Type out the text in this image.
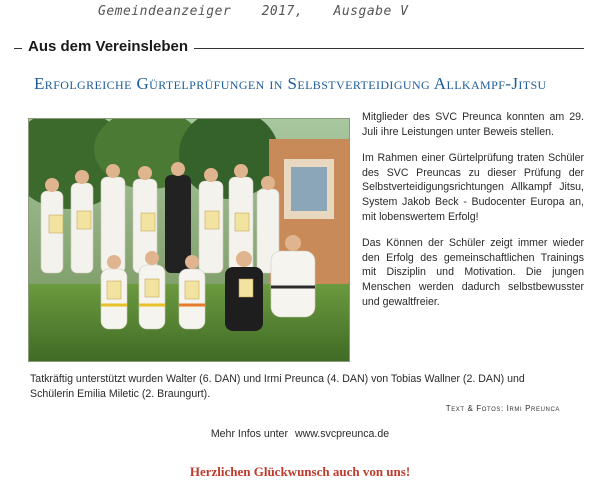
Gemeindeanzeiger 2017, Ausgabe V
Aus dem Vereinsleben
Erfolgreiche Gürtelprüfungen in Selbstverteidigung Allkampf-Jitsu

Mitglieder des SVC Preunca konnten am 29. Juli ihre Leistungen unter Beweis stellen.

Im Rahmen einer Gürtelprüfung traten Schüler des SVC Preuncas zu dieser Prüfung der Selbstverteidigungsrichtungen Allkampf Jitsu, System Jakob Beck - Budocenter Europa an, mit lobenswertem Erfolg!

Das Können der Schüler zeigt immer wieder den Erfolg des gemeinschaftlichen Trainings mit Disziplin und Motivation. Die jungen Menschen werden dadurch selbstbewusster und gewaltfreier.

Tatkräftig unterstützt wurden Walter (6. DAN) und Irmi Preunca (4. DAN) von Tobias Wallner (2. DAN) und Schülerin Emilia Miletic (2. Braungurt).
Text & Fotos: Irmi Preunca
Mehr Infos unter www.svcpreunca.de
Herzlichen Glückwunsch auch von uns!
